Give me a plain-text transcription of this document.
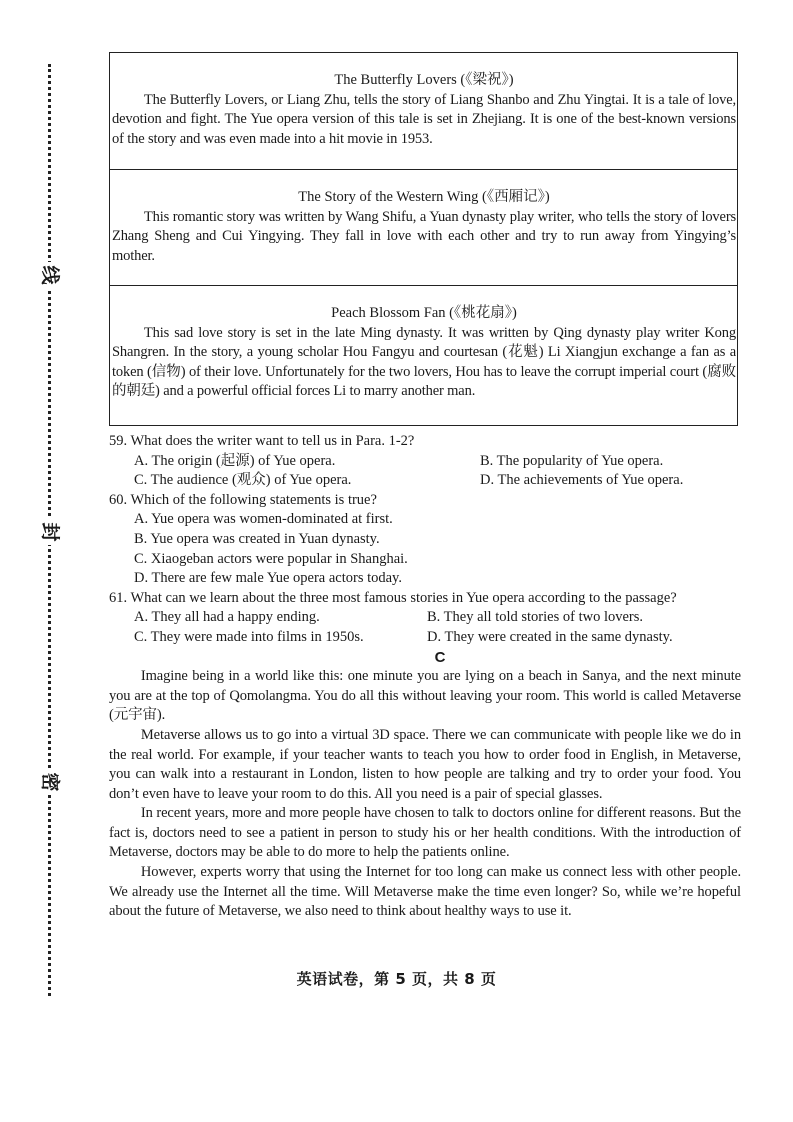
线
封
密

The Butterfly Lovers (《梁祝》)

The Butterfly Lovers, or Liang Zhu, tells the story of Liang Shanbo and Zhu Yingtai. It is a tale of love, devotion and fight. The Yue opera version of this tale is set in Zhejiang. It is one of the best-known versions of the story and was even made into a hit movie in 1953.

The Story of the Western Wing (《西厢记》)

This romantic story was written by Wang Shifu, a Yuan dynasty play writer, who tells the story of lovers Zhang Sheng and Cui Yingying. They fall in love with each other and try to run away from Yingying’s mother.

Peach Blossom Fan (《桃花扇》)

This sad love story is set in the late Ming dynasty. It was written by Qing dynasty play writer Kong Shangren. In the story, a young scholar Hou Fangyu and courtesan (花魁) Li Xiangjun exchange a fan as a token (信物) of their love. Unfortunately for the two lovers, Hou has to leave the corrupt imperial court (腐败的朝廷) and a powerful official forces Li to marry another man.

59. What does the writer want to tell us in Para. 1-2?

A. The origin (起源) of Yue opera.	B. The popularity of Yue opera.

C. The audience (观众) of Yue opera.	D. The achievements of Yue opera.

60. Which of the following statements is true?

A. Yue opera was women-dominated at first.

B. Yue opera was created in Yuan dynasty.

C. Xiaogeban actors were popular in Shanghai.

D. There are few male Yue opera actors today.

61. What can we learn about the three most famous stories in Yue opera according to the passage?

A. They all had a happy ending.	B. They all told stories of two lovers.

C. They were made into films in 1950s.	D. They were created in the same dynasty.

C

Imagine being in a world like this: one minute you are lying on a beach in Sanya, and the next minute you are at the top of Qomolangma. You do all this without leaving your room. This world is called Metaverse (元宇宙).

Metaverse allows us to go into a virtual 3D space. There we can communicate with people like we do in the real world. For example, if your teacher wants to teach you how to order food in English, in Metaverse, you can walk into a restaurant in London, listen to how people are talking and try to order your food. You don’t even have to leave your room to do this. All you need is a pair of special glasses.

In recent years, more and more people have chosen to talk to doctors online for different reasons. But the fact is, doctors need to see a patient in person to study his or her health conditions. With the introduction of Metaverse, doctors may be able to do more to help the patients online.

However, experts worry that using the Internet for too long can make us connect less with other people. We already use the Internet all the time. Will Metaverse make the time even longer? So, while we’re hopeful about the future of Metaverse, we also need to think about healthy ways to use it.

英语试卷，第 5 页，共 8 页
